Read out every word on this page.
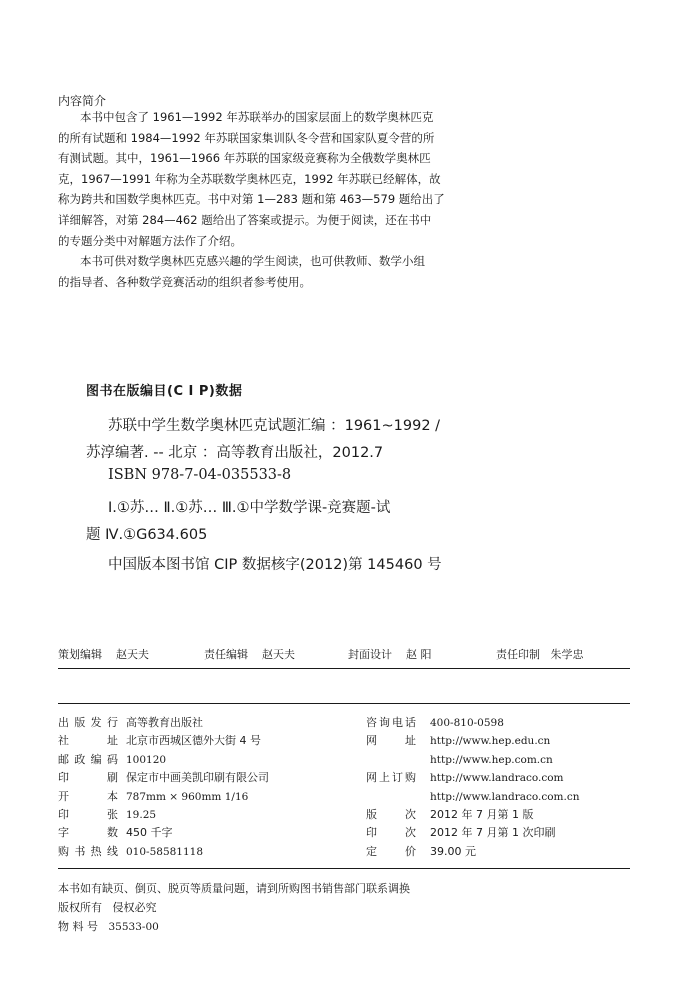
内容简介
本书中包含了 1961—1992 年苏联举办的国家层面上的数学奥林匹克
的所有试题和 1984—1992 年苏联国家集训队冬令营和国家队夏令营的所
有测试题。其中，1961—1966 年苏联的国家级竞赛称为全俄数学奥林匹
克，1967—1991 年称为全苏联数学奥林匹克，1992 年苏联已经解体，故
称为跨共和国数学奥林匹克。书中对第 1—283 题和第 463—579 题给出了
详细解答，对第 284—462 题给出了答案或提示。为便于阅读，还在书中
的专题分类中对解题方法作了介绍。
本书可供对数学奥林匹克感兴趣的学生阅读，也可供教师、数学小组
的指导者、各种数学竞赛活动的组织者参考使用。
图书在版编目(C I P)数据
苏联中学生数学奥林匹克试题汇编 ：1961~1992 /
苏淳编著. -- 北京 ：高等教育出版社，2012.7
ISBN 978-7-04-035533-8
Ⅰ.①苏… Ⅱ.①苏… Ⅲ.①中学数学课-竞赛题-试
题 Ⅳ.①G634.605
中国版本图书馆 CIP 数据核字(2012)第 145460 号
策划编辑 赵天夫	责任编辑 赵天夫	封面设计 赵 阳	责任印制 朱学忠
出版发行 高等教育出版社
社址 北京市西城区德外大街 4 号
邮政编码 100120
印刷 保定市中画美凯印刷有限公司
开本 787mm × 960mm 1/16
印张 19.25
字数 450 千字
购书热线 010-58581118
咨询电话 400-810-0598
网址 http://www.hep.edu.cn
http://www.hep.com.cn
网上订购 http://www.landraco.com
http://www.landraco.com.cn
版次 2012 年 7 月第 1 版
印次 2012 年 7 月第 1 次印刷
定价 39.00 元
本书如有缺页、倒页、脱页等质量问题，请到所购图书销售部门联系调换
版权所有 侵权必究
物 料 号 35533-00
